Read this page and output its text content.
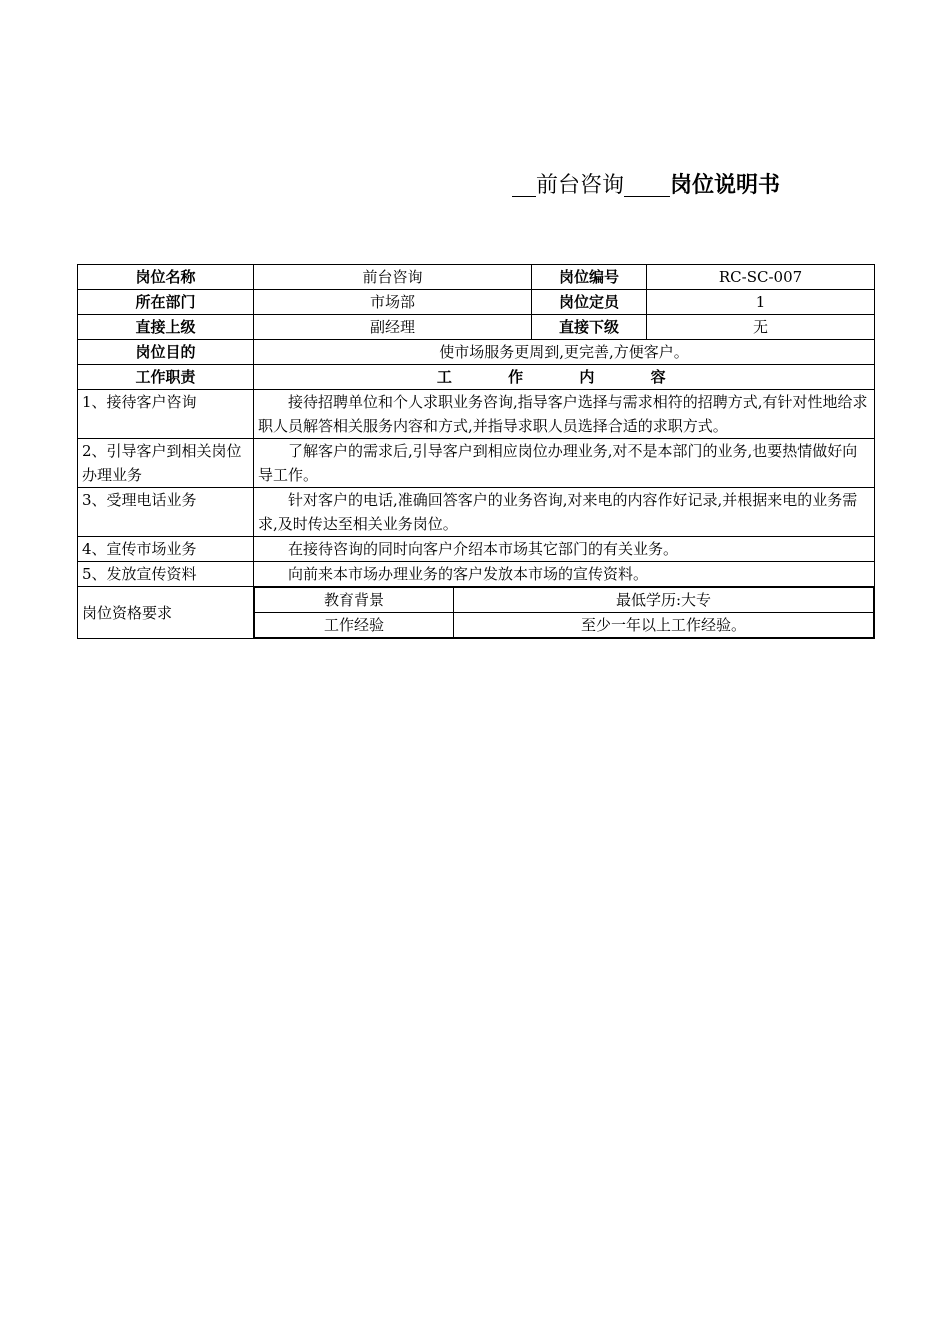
前台咨询 岗位说明书
岗位名称	前台咨询	岗位编号	RC-SC-007
所在部门	市场部	岗位定员	1
直接上级	副经理	直接下级	无
岗位目的	使市场服务更周到,更完善,方便客户。
工作职责	工 作 内 容
1、接待客户咨询	接待招聘单位和个人求职业务咨询,指导客户选择与需求相符的招聘方式,有针对性地给求职人员解答相关服务内容和方式,并指导求职人员选择合适的求职方式。
2、引导客户到相关岗位办理业务	了解客户的需求后,引导客户到相应岗位办理业务,对不是本部门的业务,也要热情做好向导工作。
3、受理电话业务	针对客户的电话,准确回答客户的业务咨询,对来电的内容作好记录,并根据来电的业务需求,及时传达至相关业务岗位。
4、宣传市场业务	在接待咨询的同时向客户介绍本市场其它部门的有关业务。
5、发放宣传资料	向前来本市场办理业务的客户发放本市场的宣传资料。
岗位资格要求	
教育背景	最低学历:大专
工作经验	至少一年以上工作经验。
